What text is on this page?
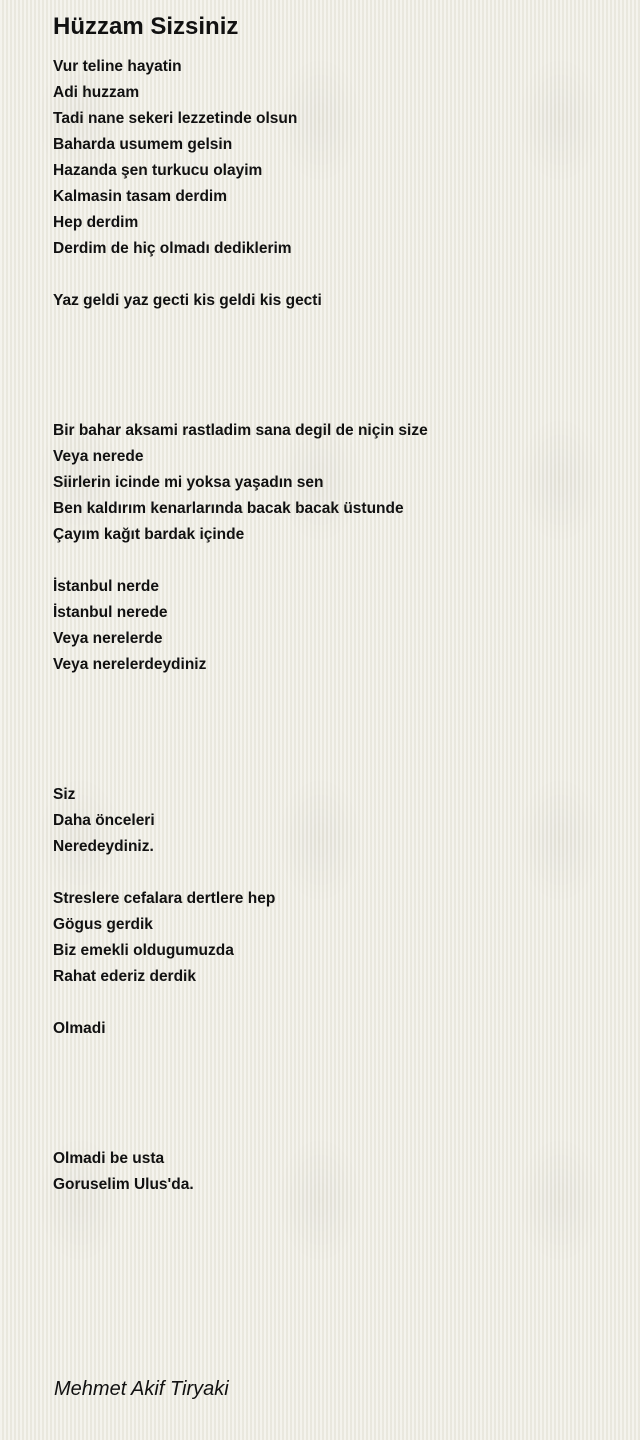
Hüzzam Sizsiniz
Vur teline hayatin
Adi huzzam
Tadi nane sekeri lezzetinde olsun
Baharda usumem gelsin
Hazanda şen turkucu olayim
Kalmasin tasam derdim
Hep derdim
Derdim de hiç olmadı dediklerim
Yaz geldi yaz gecti kis geldi kis gecti
Bir bahar aksami rastladim sana degil de niçin size
Veya nerede
Siirlerin icinde mi yoksa yaşadın sen
Ben kaldırım kenarlarında bacak bacak üstunde
Çayım kağıt bardak içinde
İstanbul nerde
İstanbul nerede
Veya nerelerde
Veya nerelerdeydiniz
Siz
Daha önceleri
Neredeydiniz.
Streslere cefalara dertlere hep
Gögus gerdik
Biz emekli oldugumuzda
Rahat ederiz derdik
Olmadi
Olmadi be usta
Goruselim Ulus'da.
Mehmet Akif Tiryaki
